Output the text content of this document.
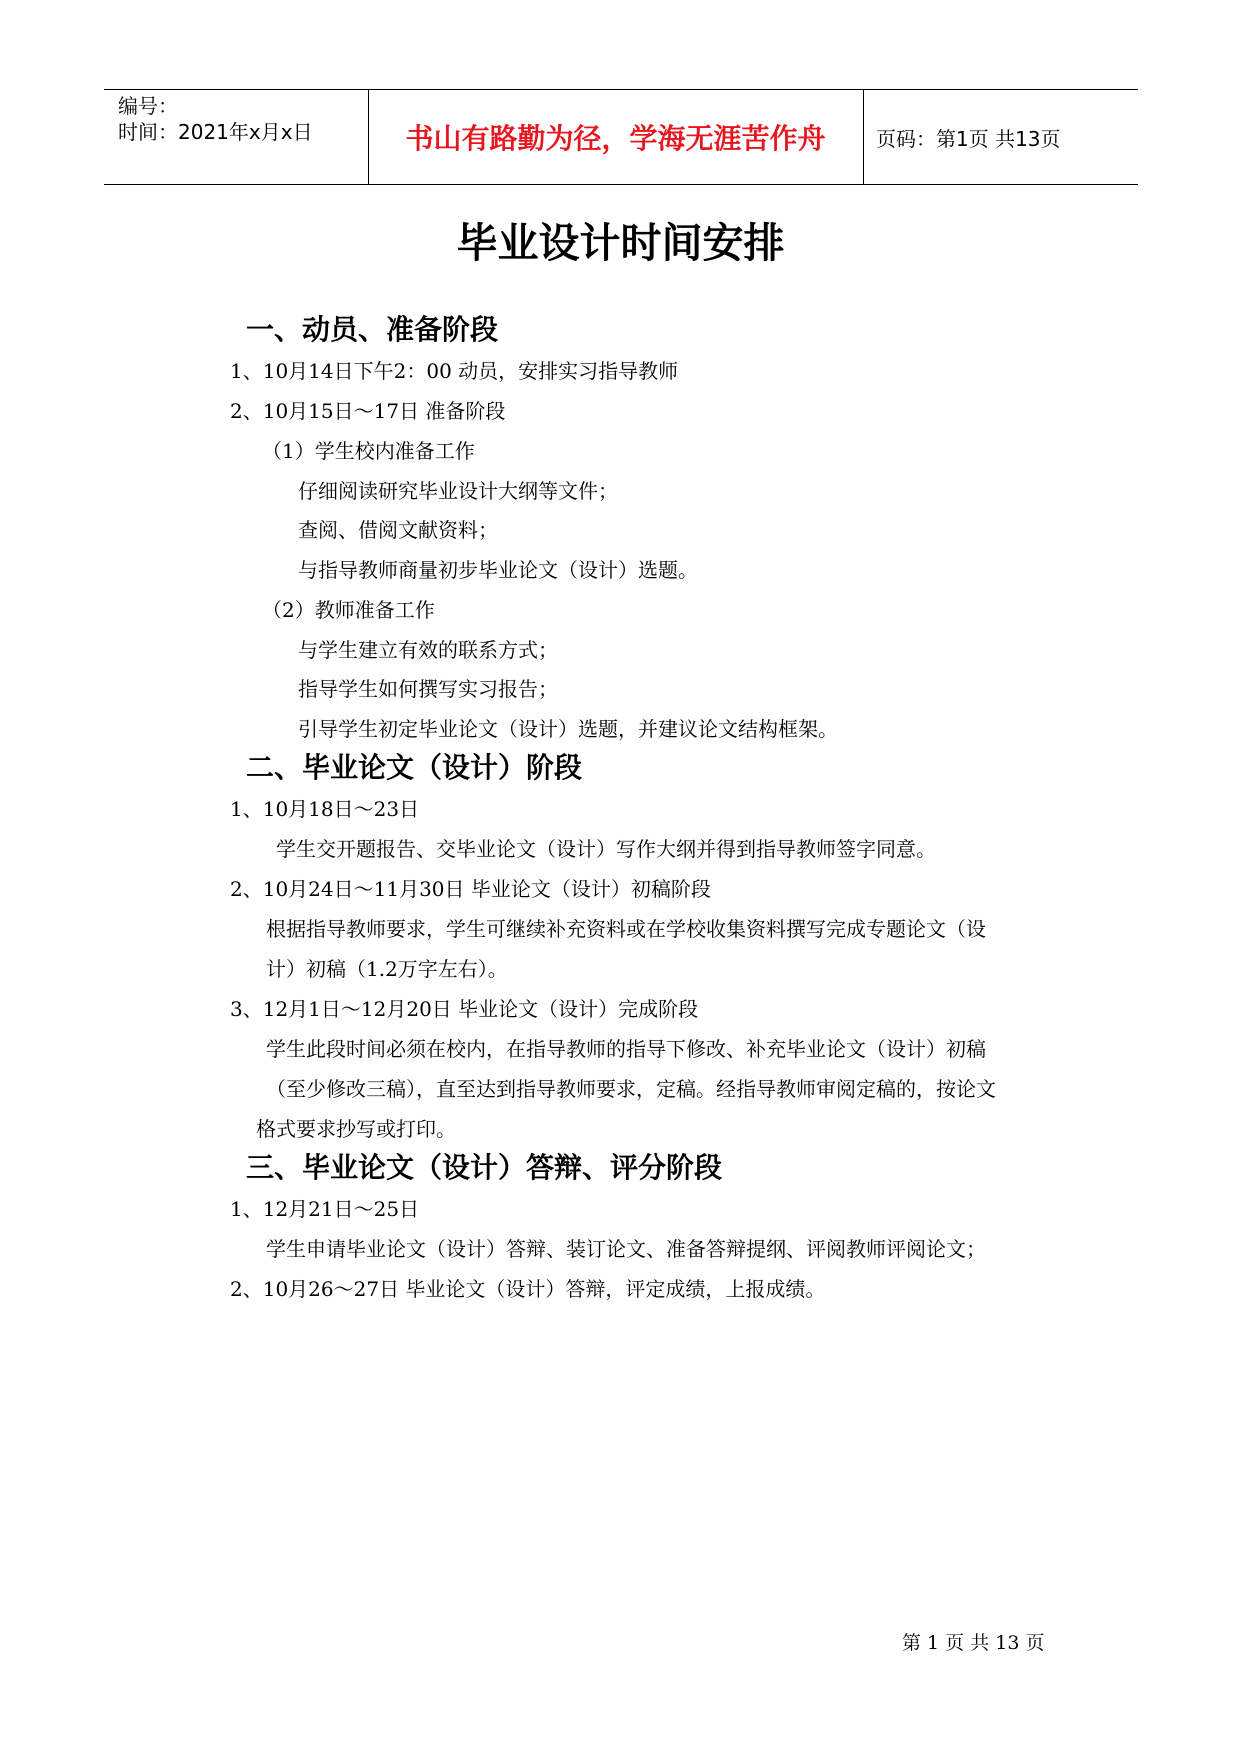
编号：
时间：2021年x月x日	书山有路勤为径，学海无涯苦作舟	页码：第1页 共13页
毕业设计时间安排
一、动员、准备阶段
1、10月14日下午2：00 动员，安排实习指导教师
2、10月15日～17日 准备阶段
（1）学生校内准备工作
仔细阅读研究毕业设计大纲等文件；
查阅、借阅文献资料；
与指导教师商量初步毕业论文（设计）选题。
（2）教师准备工作
与学生建立有效的联系方式；
指导学生如何撰写实习报告；
引导学生初定毕业论文（设计）选题，并建议论文结构框架。
二、毕业论文（设计）阶段
1、10月18日～23日
学生交开题报告、交毕业论文（设计）写作大纲并得到指导教师签字同意。
2、10月24日～11月30日 毕业论文（设计）初稿阶段
根据指导教师要求，学生可继续补充资料或在学校收集资料撰写完成专题论文（设
计）初稿（1.2万字左右）。
3、12月1日～12月20日 毕业论文（设计）完成阶段
学生此段时间必须在校内，在指导教师的指导下修改、补充毕业论文（设计）初稿
（至少修改三稿），直至达到指导教师要求，定稿。经指导教师审阅定稿的，按论文
格式要求抄写或打印。
三、毕业论文（设计）答辩、评分阶段
1、12月21日～25日
学生申请毕业论文（设计）答辩、装订论文、准备答辩提纲、评阅教师评阅论文；
2、10月26～27日 毕业论文（设计）答辩，评定成绩，上报成绩。
第 1 页 共 13 页
